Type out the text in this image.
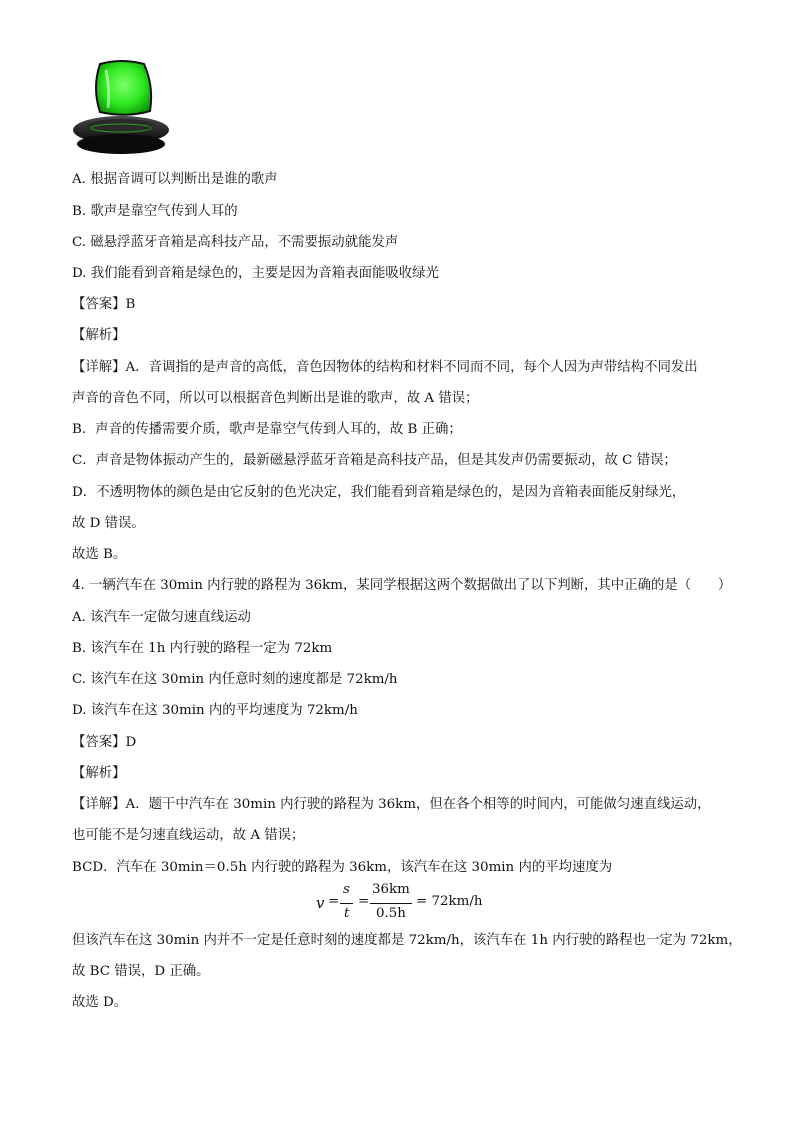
A. 根据音调可以判断出是谁的歌声
B. 歌声是靠空气传到人耳的
C. 磁悬浮蓝牙音箱是高科技产品，不需要振动就能发声
D. 我们能看到音箱是绿色的，主要是因为音箱表面能吸收绿光
【答案】B
【解析】
【详解】A．音调指的是声音的高低，音色因物体的结构和材料不同而不同，每个人因为声带结构不同发出
声音的音色不同，所以可以根据音色判断出是谁的歌声，故 A 错误；
B．声音的传播需要介质，歌声是靠空气传到人耳的，故 B 正确；
C．声音是物体振动产生的，最新磁悬浮蓝牙音箱是高科技产品，但是其发声仍需要振动，故 C 错误；
D．不透明物体的颜色是由它反射的色光决定，我们能看到音箱是绿色的，是因为音箱表面能反射绿光，
故 D 错误。
故选 B。
4. 一辆汽车在 30min 内行驶的路程为 36km，某同学根据这两个数据做出了以下判断，其中正确的是（　　）
A. 该汽车一定做匀速直线运动
B. 该汽车在 1h 内行驶的路程一定为 72km
C. 该汽车在这 30min 内任意时刻的速度都是 72km/h
D. 该汽车在这 30min 内的平均速度为 72km/h
【答案】D
【解析】
【详解】A．题干中汽车在 30min 内行驶的路程为 36km，但在各个相等的时间内，可能做匀速直线运动，
也可能不是匀速直线运动，故 A 错误；
BCD．汽车在 30min＝0.5h 内行驶的路程为 36km，该汽车在这 30min 内的平均速度为
v =
s
t
=
36km
0.5h
= 72km/h
但该汽车在这 30min 内并不一定是任意时刻的速度都是 72km/h，该汽车在 1h 内行驶的路程也一定为 72km，
故 BC 错误，D 正确。
故选 D。
